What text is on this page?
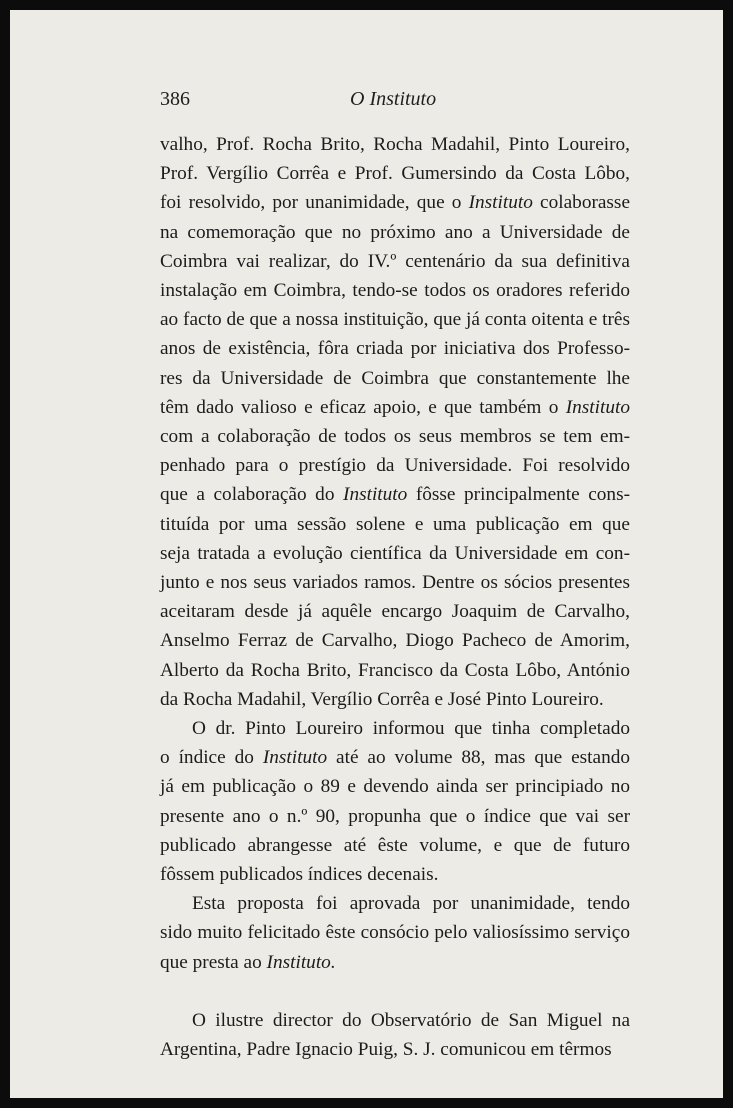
386	O Instituto
valho, Prof. Rocha Brito, Rocha Madahil, Pinto Loureiro,
Prof. Vergílio Corrêa e Prof. Gumersindo da Costa Lôbo,
foi resolvido, por unanimidade, que o Instituto colaborasse
na comemoração que no próximo ano a Universidade de
Coimbra vai realizar, do IV.º centenário da sua definitiva
instalação em Coimbra, tendo-se todos os oradores referido
ao facto de que a nossa instituição, que já conta oitenta e três
anos de existência, fôra criada por iniciativa dos Professo-
res da Universidade de Coimbra que constantemente lhe
têm dado valioso e eficaz apoio, e que também o Instituto
com a colaboração de todos os seus membros se tem em-
penhado para o prestígio da Universidade. Foi resolvido
que a colaboração do Instituto fôsse principalmente cons-
tituída por uma sessão solene e uma publicação em que
seja tratada a evolução científica da Universidade em con-
junto e nos seus variados ramos. Dentre os sócios presentes
aceitaram desde já aquêle encargo Joaquim de Carvalho,
Anselmo Ferraz de Carvalho, Diogo Pacheco de Amorim,
Alberto da Rocha Brito, Francisco da Costa Lôbo, António
da Rocha Madahil, Vergílio Corrêa e José Pinto Loureiro.
O dr. Pinto Loureiro informou que tinha completado
o índice do Instituto até ao volume 88, mas que estando
já em publicação o 89 e devendo ainda ser principiado no
presente ano o n.º 90, propunha que o índice que vai ser
publicado abrangesse até êste volume, e que de futuro
fôssem publicados índices decenais.
Esta proposta foi aprovada por unanimidade, tendo
sido muito felicitado êste consócio pelo valiosíssimo serviço
que presta ao Instituto.
O ilustre director do Observatório de San Miguel na
Argentina, Padre Ignacio Puig, S. J. comunicou em têrmos
